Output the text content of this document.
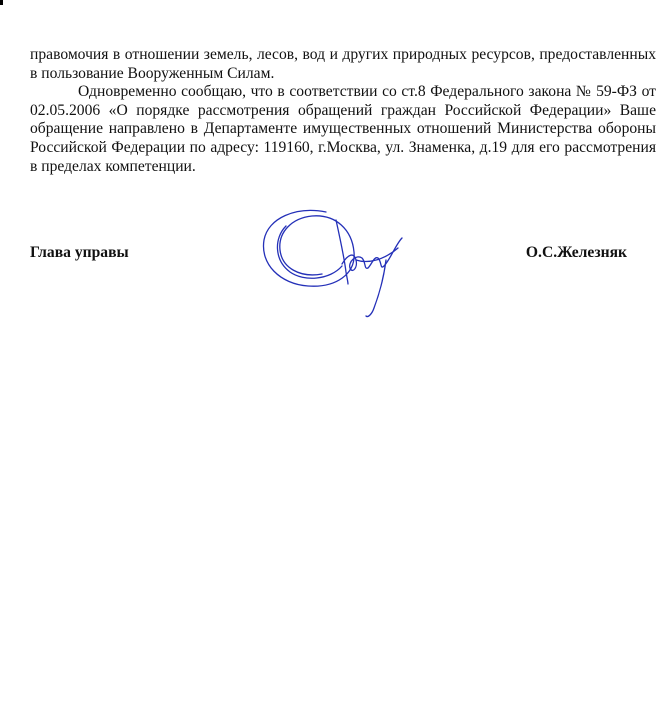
правомочия в отношении земель, лесов, вод и других природных ресурсов, предоставленных в пользование Вооруженным Силам.

Одновременно сообщаю, что в соответствии со ст.8 Федерального закона № 59-ФЗ от 02.05.2006 «О порядке рассмотрения обращений граждан Российской Федерации» Ваше обращение направлено в Департаменте имущественных отношений Министерства обороны Российской Федерации по адресу: 119160, г.Москва, ул. Знаменка, д.19 для его рассмотрения в пределах компетенции.

Глава управы	О.С.Железняк
